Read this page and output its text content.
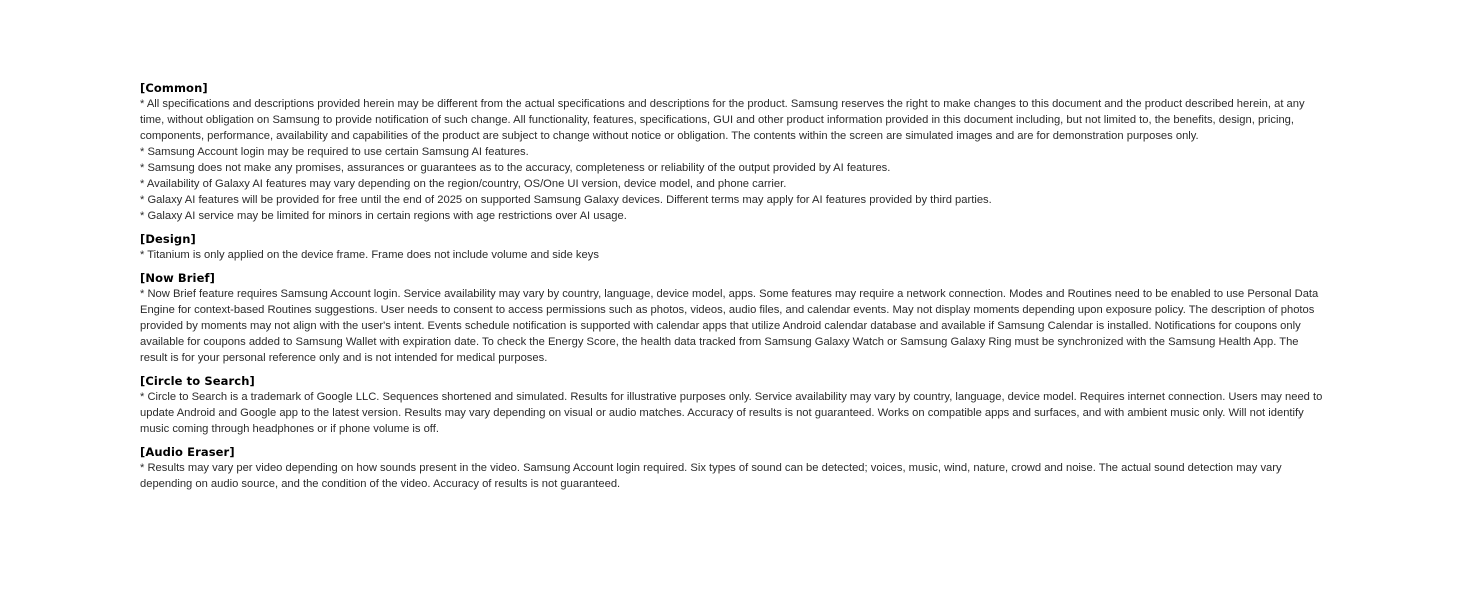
[Common]

* All specifications and descriptions provided herein may be different from the actual specifications and descriptions for the product. Samsung reserves the right to make changes to this document and the product described herein, at any time, without obligation on Samsung to provide notification of such change. All functionality, features, specifications, GUI and other product information provided in this document including, but not limited to, the benefits, design, pricing, components, performance, availability and capabilities of the product are subject to change without notice or obligation. The contents within the screen are simulated images and are for demonstration purposes only.

* Samsung Account login may be required to use certain Samsung AI features.

* Samsung does not make any promises, assurances or guarantees as to the accuracy, completeness or reliability of the output provided by AI features.

* Availability of Galaxy AI features may vary depending on the region/country, OS/One UI version, device model, and phone carrier.

* Galaxy AI features will be provided for free until the end of 2025 on supported Samsung Galaxy devices. Different terms may apply for AI features provided by third parties.

* Galaxy AI service may be limited for minors in certain regions with age restrictions over AI usage.

[Design]

* Titanium is only applied on the device frame. Frame does not include volume and side keys

[Now Brief]

* Now Brief feature requires Samsung Account login. Service availability may vary by country, language, device model, apps. Some features may require a network connection. Modes and Routines need to be enabled to use Personal Data Engine for context-based Routines suggestions. User needs to consent to access permissions such as photos, videos, audio files, and calendar events. May not display moments depending upon exposure policy. The description of photos provided by moments may not align with the user's intent. Events schedule notification is supported with calendar apps that utilize Android calendar database and available if Samsung Calendar is installed. Notifications for coupons only available for coupons added to Samsung Wallet with expiration date. To check the Energy Score, the health data tracked from Samsung Galaxy Watch or Samsung Galaxy Ring must be synchronized with the Samsung Health App. The result is for your personal reference only and is not intended for medical purposes.

[Circle to Search]

* Circle to Search is a trademark of Google LLC. Sequences shortened and simulated. Results for illustrative purposes only. Service availability may vary by country, language, device model. Requires internet connection. Users may need to update Android and Google app to the latest version. Results may vary depending on visual or audio matches. Accuracy of results is not guaranteed. Works on compatible apps and surfaces, and with ambient music only. Will not identify music coming through headphones or if phone volume is off.

[Audio Eraser]

* Results may vary per video depending on how sounds present in the video. Samsung Account login required. Six types of sound can be detected; voices, music, wind, nature, crowd and noise. The actual sound detection may vary depending on audio source, and the condition of the video. Accuracy of results is not guaranteed.
